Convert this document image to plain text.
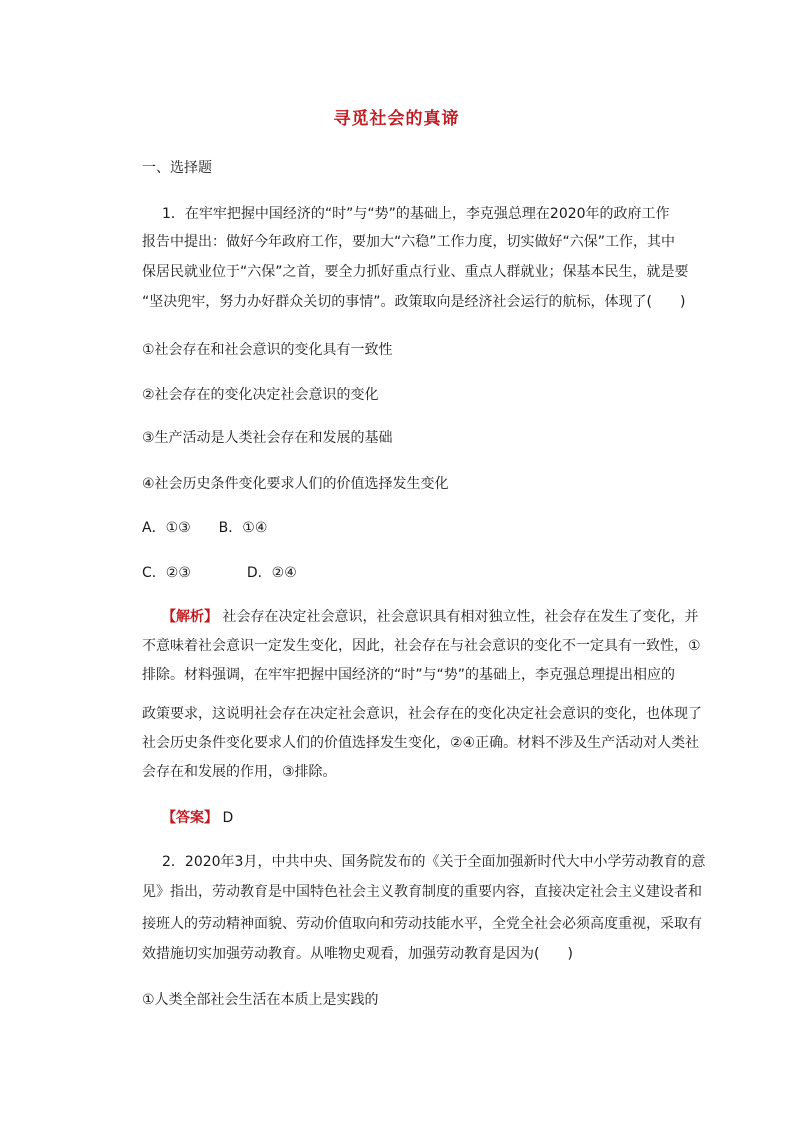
寻觅社会的真谛
一、选择题
1．在牢牢把握中国经济的“时”与“势”的基础上，李克强总理在2020年的政府工作
报告中提出：做好今年政府工作，要加大“六稳”工作力度，切实做好“六保”工作，其中
保居民就业位于“六保”之首，要全力抓好重点行业、重点人群就业；保基本民生，就是要
“坚决兜牢，努力办好群众关切的事情”。政策取向是经济社会运行的航标，体现了(　　)
①社会存在和社会意识的变化具有一致性
②社会存在的变化决定社会意识的变化
③生产活动是人类社会存在和发展的基础
④社会历史条件变化要求人们的价值选择发生变化
A．①③　　B．①④
C．②③　　　　D．②④
【解析】 社会存在决定社会意识，社会意识具有相对独立性，社会存在发生了变化，并
不意味着社会意识一定发生变化，因此，社会存在与社会意识的变化不一定具有一致性，①
排除。材料强调，在牢牢把握中国经济的“时”与“势”的基础上，李克强总理提出相应的
政策要求，这说明社会存在决定社会意识，社会存在的变化决定社会意识的变化，也体现了
社会历史条件变化要求人们的价值选择发生变化，②④正确。材料不涉及生产活动对人类社
会存在和发展的作用，③排除。
【答案】 D
2．2020年3月，中共中央、国务院发布的《关于全面加强新时代大中小学劳动教育的意
见》指出，劳动教育是中国特色社会主义教育制度的重要内容，直接决定社会主义建设者和
接班人的劳动精神面貌、劳动价值取向和劳动技能水平，全党全社会必须高度重视，采取有
效措施切实加强劳动教育。从唯物史观看，加强劳动教育是因为(　　)
①人类全部社会生活在本质上是实践的
